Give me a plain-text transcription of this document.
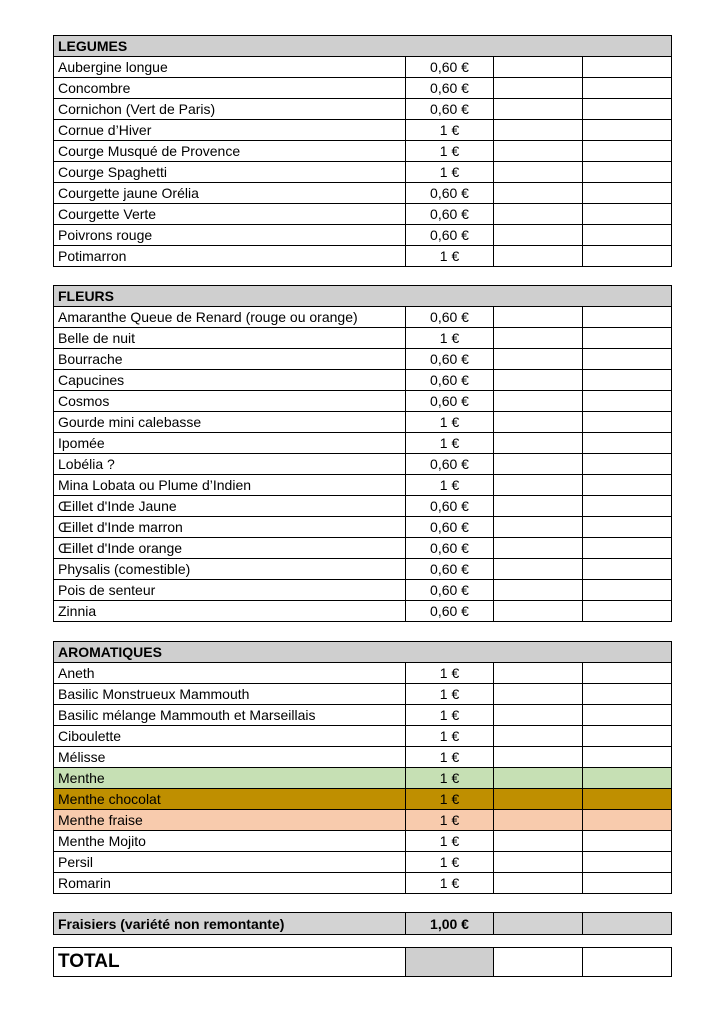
LEGUMES			
Aubergine longue	0,60 €		
Concombre	0,60 €		
Cornichon (Vert de Paris)	0,60 €		
Cornue d’Hiver	1 €		
Courge Musqué de Provence	1 €		
Courge Spaghetti	1 €		
Courgette jaune Orélia	0,60 €		
Courgette Verte	0,60 €		
Poivrons rouge	0,60 €		
Potimarron	1 €		
FLEURS			
Amaranthe Queue de Renard (rouge ou orange)	0,60 €		
Belle de nuit	1 €		
Bourrache	0,60 €		
Capucines	0,60 €		
Cosmos	0,60 €		
Gourde mini calebasse	1 €		
Ipomée	1 €		
Lobélia ?	0,60 €		
Mina Lobata ou Plume d’Indien	1 €		
Œillet d'Inde Jaune	0,60 €		
Œillet d'Inde marron	0,60 €		
Œillet d'Inde orange	0,60 €		
Physalis (comestible)	0,60 €		
Pois de senteur	0,60 €		
Zinnia	0,60 €		
AROMATIQUES			
Aneth	1 €		
Basilic Monstrueux Mammouth	1 €		
Basilic mélange Mammouth et Marseillais	1 €		
Ciboulette	1 €		
Mélisse	1 €		
Menthe	1 €		
Menthe chocolat	1 €		
Menthe fraise	1 €		
Menthe Mojito	1 €		
Persil	1 €		
Romarin	1 €		
Fraisiers (variété non remontante)	1,00 €		
TOTAL			
